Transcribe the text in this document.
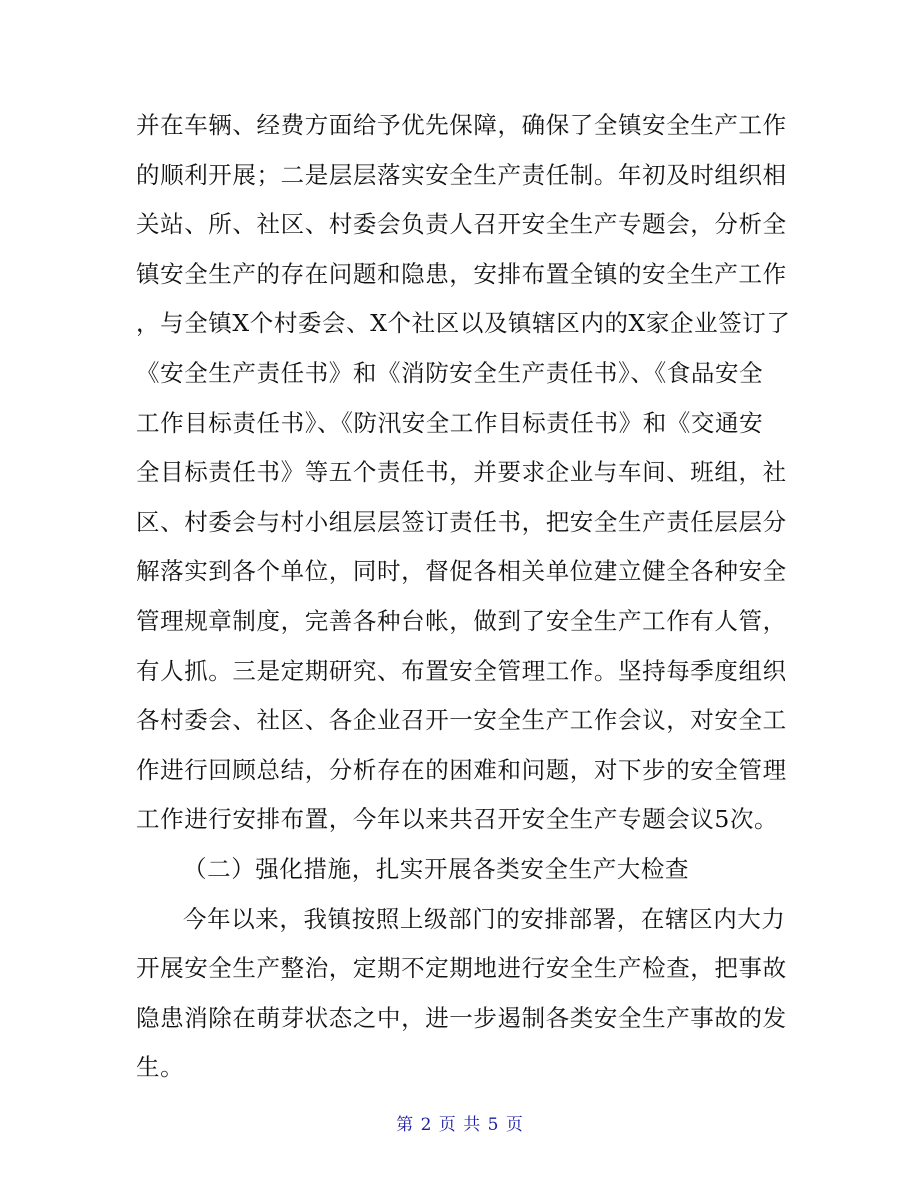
并在车辆、经费方面给予优先保障，确保了全镇安全生产工作
的顺利开展；二是层层落实安全生产责任制。年初及时组织相
关站、所、社区、村委会负责人召开安全生产专题会，分析全
镇安全生产的存在问题和隐患，安排布置全镇的安全生产工作
，与全镇X个村委会、X个社区以及镇辖区内的X家企业签订了
《安全生产责任书》和《消防安全生产责任书》、《食品安全
工作目标责任书》、《防汛安全工作目标责任书》和《交通安
全目标责任书》等五个责任书，并要求企业与车间、班组，社
区、村委会与村小组层层签订责任书，把安全生产责任层层分
解落实到各个单位，同时，督促各相关单位建立健全各种安全
管理规章制度，完善各种台帐，做到了安全生产工作有人管，
有人抓。三是定期研究、布置安全管理工作。坚持每季度组织
各村委会、社区、各企业召开一安全生产工作会议，对安全工
作进行回顾总结，分析存在的困难和问题，对下步的安全管理
工作进行安排布置，今年以来共召开安全生产专题会议5次。
（二）强化措施，扎实开展各类安全生产大检查
今年以来，我镇按照上级部门的安排部署，在辖区内大力
开展安全生产整治，定期不定期地进行安全生产检查，把事故
隐患消除在萌芽状态之中，进一步遏制各类安全生产事故的发
生。
第 2 页 共 5 页
